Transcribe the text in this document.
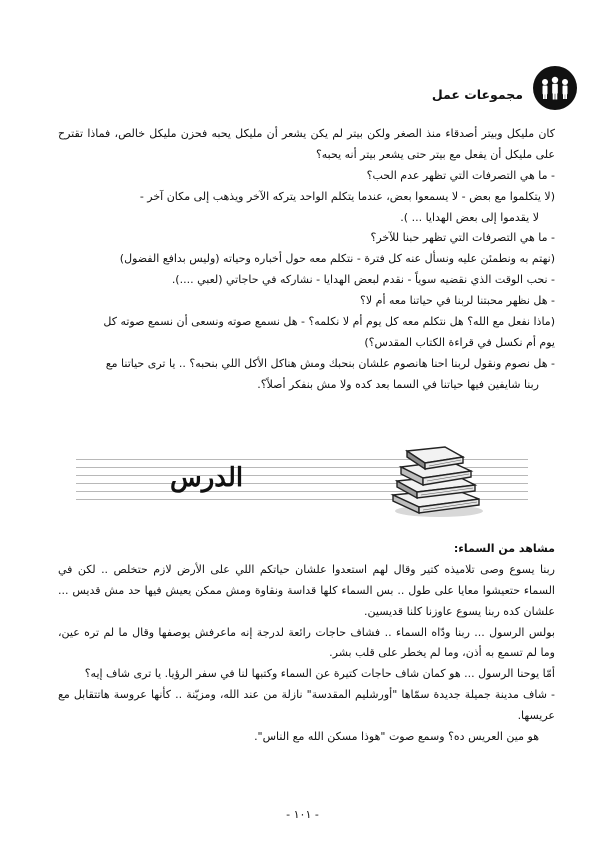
مجموعات عمل

كان مليكل وبيتر أصدقاء منذ الصغر ولكن بيتر لم يكن يشعر أن مليكل يحبه فحزن مليكل خالص، فماذا تقترح على مليكل أن يفعل مع بيتر حتى يشعر بيتر أنه يحبه؟

- ما هي التصرفات التي تظهر عدم الحب؟

(لا يتكلموا مع بعض - لا يسمعوا بعض، عندما يتكلم الواحد يتركه الآخر ويذهب إلى مكان آخر -

لا يقدموا إلى بعض الهدايا ... ).

- ما هي التصرفات التي تظهر حبنا للآخر؟

(نهتم به ونطمئن عليه ونسأل عنه كل فترة - نتكلم معه حول أخباره وحياته (وليس بدافع الفضول)

- نحب الوقت الذي نقضيه سوياً - نقدم لبعض الهدايا - نشاركه في حاجاتي (لعبي ....).

- هل نظهر محبتنا لربنا في حياتنا معه أم لا؟

(ماذا نفعل مع الله؟ هل نتكلم معه كل يوم أم لا نكلمه؟ - هل نسمع صوته ونسعى أن نسمع صوته كل

يوم أم نكسل في قراءة الكتاب المقدس؟)

- هل نصوم ونقول لربنا احنا هانصوم علشان بنحبك ومش هناكل الأكل اللي بنحبه؟ .. يا ترى حياتنا مع

ربنا شايفين فيها حياتنا في السما بعد كده ولا مش بنفكر أصلاً؟.

الدرس

مشاهد من السماء:

ربنا يسوع وصى تلاميذه كتير وقال لهم استعدوا علشان حياتكم اللي على الأرض لازم حتخلص .. لكن في السماء حتعيشوا معايا على طول .. بس السماء كلها قداسة ونقاوة ومش ممكن يعيش فيها حد مش قديس ... علشان كده ربنا يسوع عاوزنا كلنا قديسين.

بولس الرسول ... ربنا ودّاه السماء .. فشاف حاجات رائعة لدرجة إنه ماعرفش يوصفها وقال ما لم تره عين، وما لم تسمع به أذن، وما لم يخطر على قلب بشر.

أمّا يوحنا الرسول ... هو كمان شاف حاجات كتيرة عن السماء وكتبها لنا في سفر الرؤيا. يا ترى شاف إيه؟

- شاف مدينة جميلة جديدة سمّاها "أورشليم المقدسة" نازلة من عند الله، ومزيّنة .. كأنها عروسة هاتتقابل مع عريسها.

هو مين العريس ده؟ وسمع صوت "هوذا مسكن الله مع الناس".

- ١٠١ -
